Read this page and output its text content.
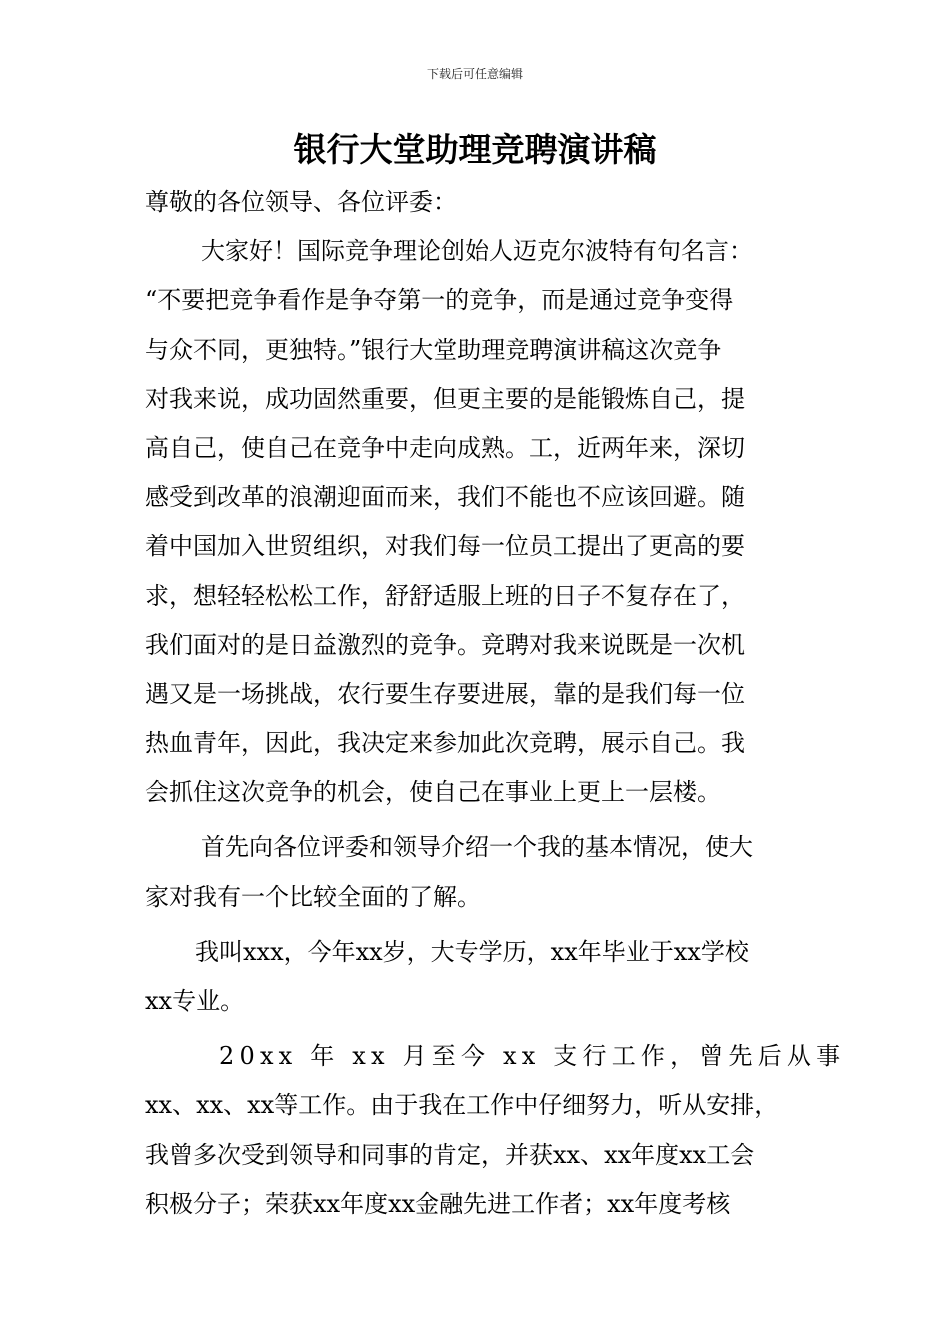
下载后可任意编辑
银行大堂助理竞聘演讲稿
尊敬的各位领导、各位评委：
大家好！国际竞争理论创始人迈克尔波特有句名言：
“不要把竞争看作是争夺第一的竞争，而是通过竞争变得
与众不同，更独特。”银行大堂助理竞聘演讲稿这次竞争
对我来说，成功固然重要，但更主要的是能锻炼自己，提
高自己，使自己在竞争中走向成熟。工，近两年来，深切
感受到改革的浪潮迎面而来，我们不能也不应该回避。随
着中国加入世贸组织，对我们每一位员工提出了更高的要
求，想轻轻松松工作，舒舒适服上班的日子不复存在了，
我们面对的是日益激烈的竞争。竞聘对我来说既是一次机
遇又是一场挑战，农行要生存要进展，靠的是我们每一位
热血青年，因此，我决定来参加此次竞聘，展示自己。我
会抓住这次竞争的机会，使自己在事业上更上一层楼。
首先向各位评委和领导介绍一个我的基本情况，使大
家对我有一个比较全面的了解。
我叫xxx，今年xx岁，大专学历，xx年毕业于xx学校
xx专业。
20xx 年 xx 月至今 xx 支行工作，曾先后从事
xx、xx、xx等工作。由于我在工作中仔细努力，听从安排，
我曾多次受到领导和同事的肯定，并获xx、xx年度xx工会
积极分子；荣获xx年度xx金融先进工作者；xx年度考核
